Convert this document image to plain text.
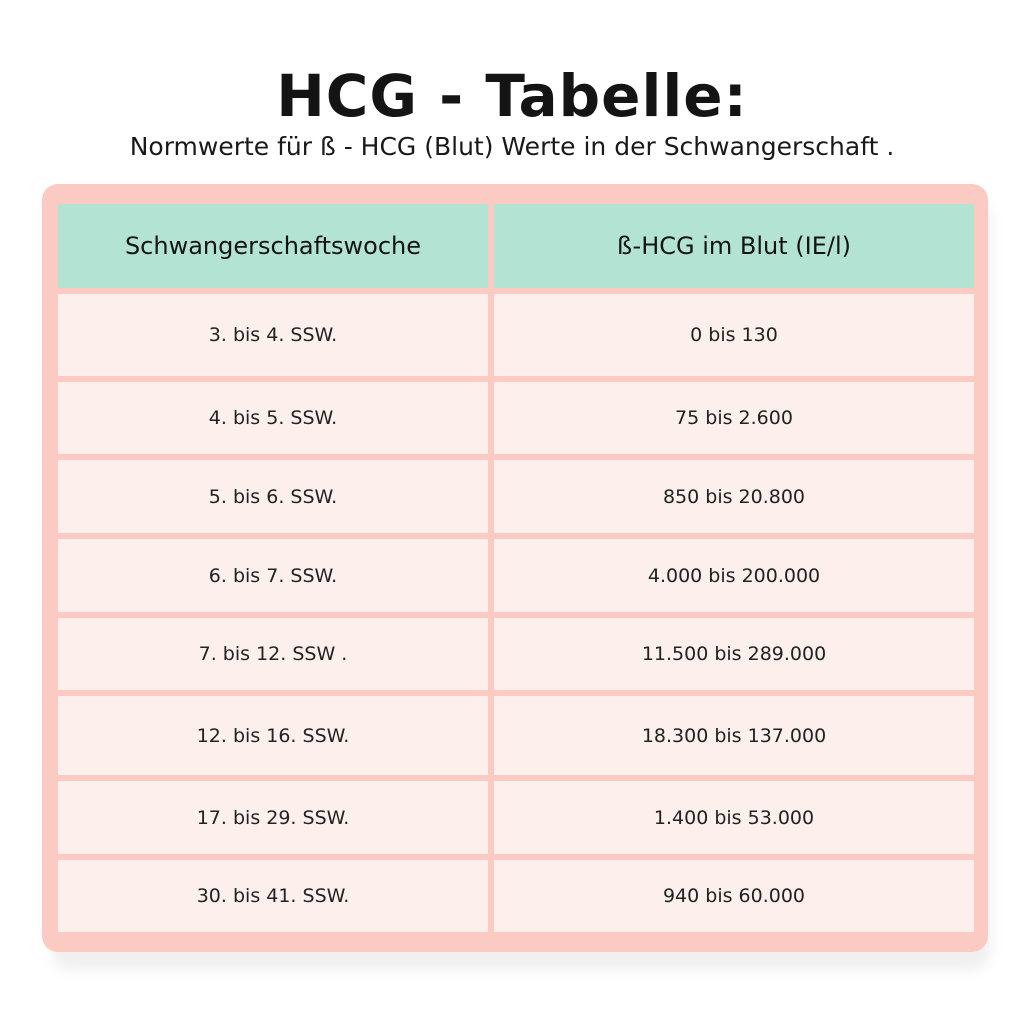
HCG - Tabelle:
Normwerte für ß - HCG (Blut) Werte in der Schwangerschaft .
Schwangerschaftswoche	ß-HCG im Blut (IE/l)
3. bis 4. SSW.	0 bis 130
4. bis 5. SSW.	75 bis 2.600
5. bis 6. SSW.	850 bis 20.800
6. bis 7. SSW.	4.000 bis 200.000
7. bis 12. SSW .	11.500 bis 289.000
12. bis 16. SSW.	18.300 bis 137.000
17. bis 29. SSW.	1.400 bis 53.000
30. bis 41. SSW.	940 bis 60.000
